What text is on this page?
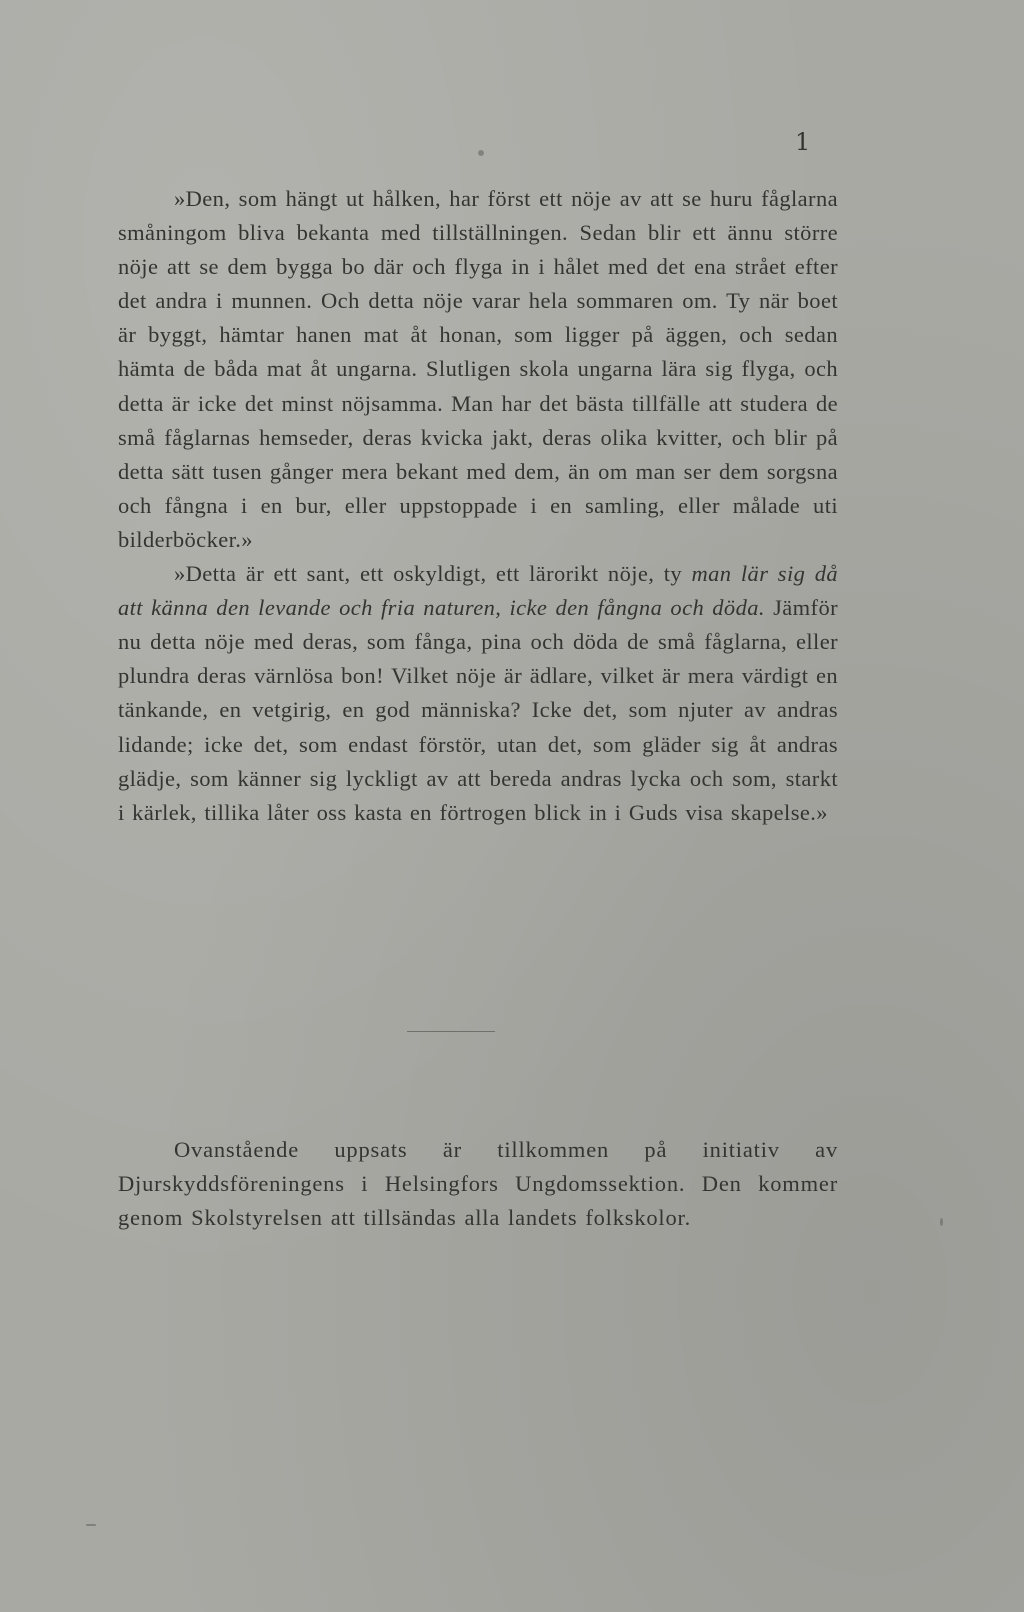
1

»Den, som hängt ut hålken, har först ett nöje av att se huru fåglarna småningom bliva bekanta med tillställningen. Sedan blir ett ännu större nöje att se dem bygga bo där och flyga in i hålet med det ena strået efter det andra i munnen. Och detta nöje varar hela sommaren om. Ty när boet är byggt, hämtar hanen mat åt honan, som ligger på äggen, och sedan hämta de båda mat åt ungarna. Slutligen skola ungarna lära sig flyga, och detta är icke det minst nöjsamma. Man har det bästa tillfälle att studera de små fåglarnas hemseder, deras kvicka jakt, deras olika kvitter, och blir på detta sätt tusen gånger mera bekant med dem, än om man ser dem sorgsna och fångna i en bur, eller uppstoppade i en samling, eller målade uti bilderböcker.»

»Detta är ett sant, ett oskyldigt, ett lärorikt nöje, ty man lär sig då att känna den levande och fria naturen, icke den fångna och döda. Jämför nu detta nöje med deras, som fånga, pina och döda de små fåglarna, eller plundra deras värnlösa bon! Vilket nöje är ädlare, vilket är mera värdigt en tänkande, en vetgirig, en god människa? Icke det, som njuter av andras lidande; icke det, som endast förstör, utan det, som gläder sig åt andras glädje, som känner sig lyckligt av att bereda andras lycka och som, starkt i kärlek, tillika låter oss kasta en förtrogen blick in i Guds visa skapelse.»

Ovanstående uppsats är tillkommen på initiativ av Djurskyddsföreningens i Helsingfors Ungdomssektion. Den kommer genom Skolstyrelsen att tillsändas alla landets folkskolor.
